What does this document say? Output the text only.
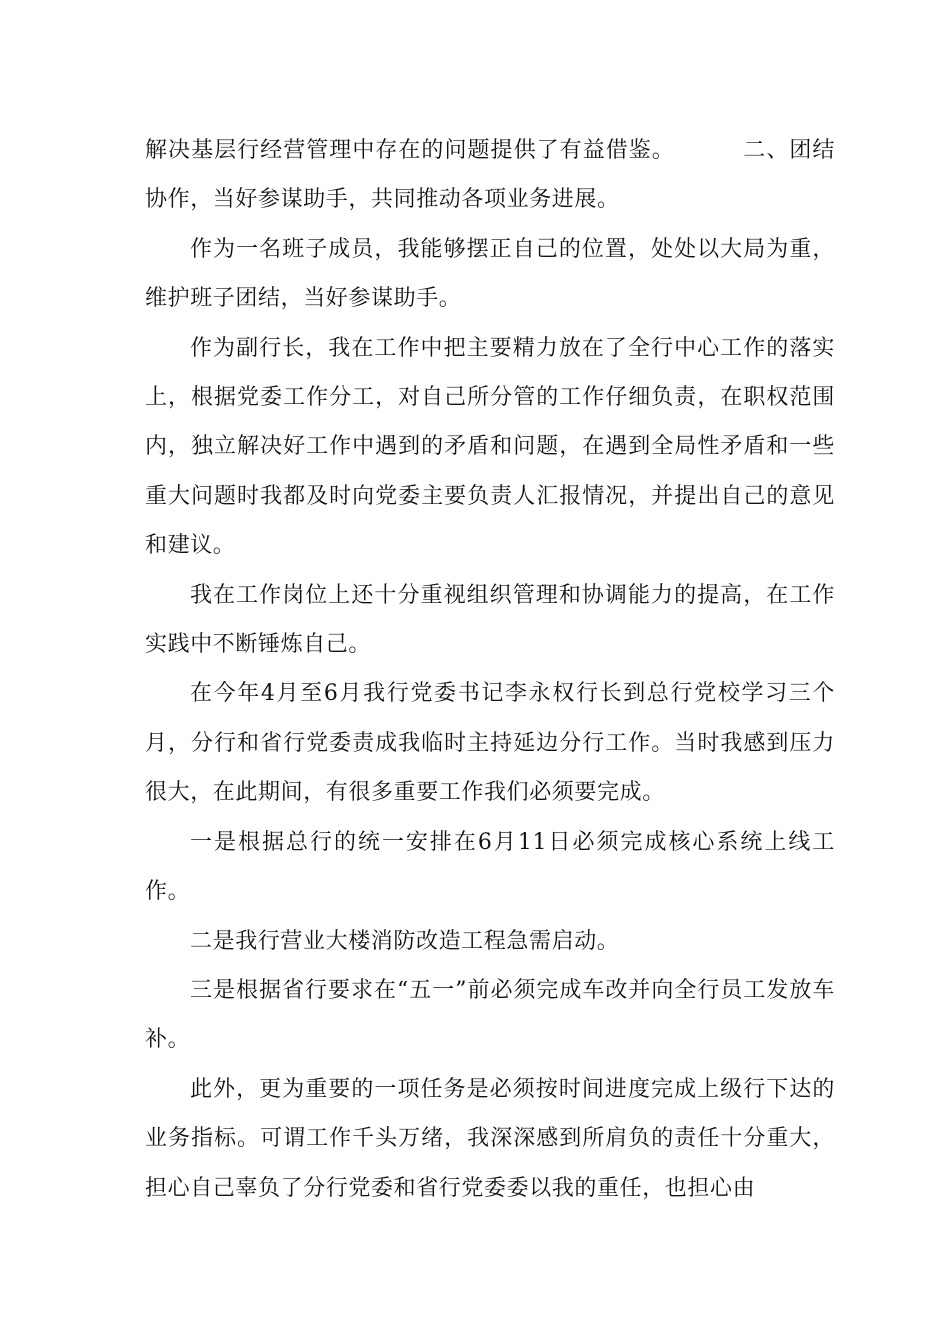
解决基层行经营管理中存在的问题提供了有益借鉴。	二、团结协作，当好参谋助手，共同推动各项业务进展。

作为一名班子成员，我能够摆正自己的位置，处处以大局为重，维护班子团结，当好参谋助手。

作为副行长，我在工作中把主要精力放在了全行中心工作的落实上，根据党委工作分工，对自己所分管的工作仔细负责，在职权范围内，独立解决好工作中遇到的矛盾和问题，在遇到全局性矛盾和一些重大问题时我都及时向党委主要负责人汇报情况，并提出自己的意见和建议。

我在工作岗位上还十分重视组织管理和协调能力的提高，在工作实践中不断锤炼自己。

在今年4月至6月我行党委书记李永权行长到总行党校学习三个月，分行和省行党委责成我临时主持延边分行工作。当时我感到压力很大，在此期间，有很多重要工作我们必须要完成。

一是根据总行的统一安排在6月11日必须完成核心系统上线工作。

二是我行营业大楼消防改造工程急需启动。

三是根据省行要求在“五一”前必须完成车改并向全行员工发放车补。

此外，更为重要的一项任务是必须按时间进度完成上级行下达的业务指标。可谓工作千头万绪，我深深感到所肩负的责任十分重大，担心自己辜负了分行党委和省行党委委以我的重任，也担心由
